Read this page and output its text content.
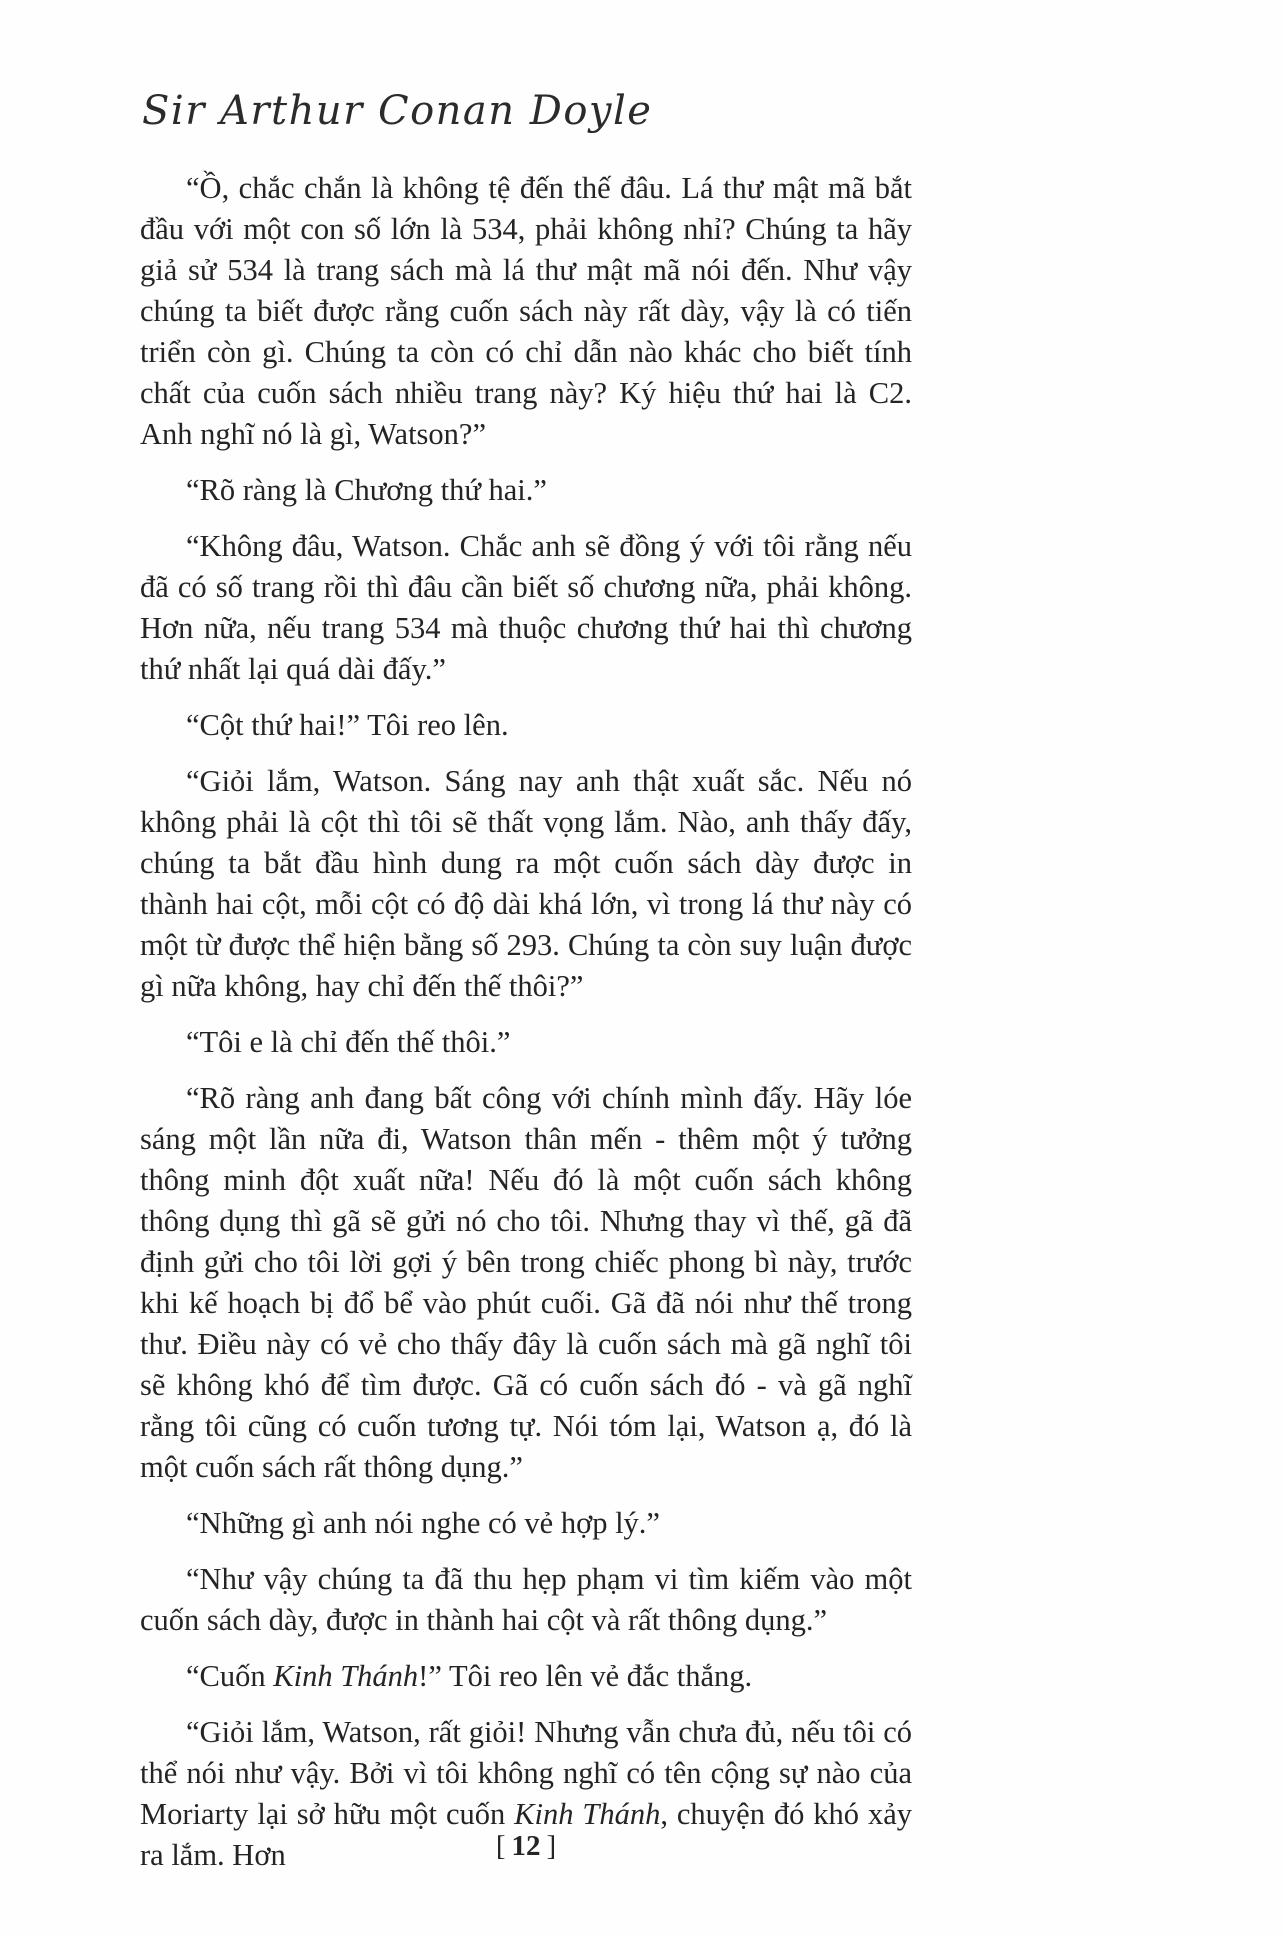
Sir Arthur Conan Doyle

“Ồ, chắc chắn là không tệ đến thế đâu. Lá thư mật mã bắt đầu với một con số lớn là 534, phải không nhỉ? Chúng ta hãy giả sử 534 là trang sách mà lá thư mật mã nói đến. Như vậy chúng ta biết được rằng cuốn sách này rất dày, vậy là có tiến triển còn gì. Chúng ta còn có chỉ dẫn nào khác cho biết tính chất của cuốn sách nhiều trang này? Ký hiệu thứ hai là C2. Anh nghĩ nó là gì, Watson?”

“Rõ ràng là Chương thứ hai.”

“Không đâu, Watson. Chắc anh sẽ đồng ý với tôi rằng nếu đã có số trang rồi thì đâu cần biết số chương nữa, phải không. Hơn nữa, nếu trang 534 mà thuộc chương thứ hai thì chương thứ nhất lại quá dài đấy.”

“Cột thứ hai!” Tôi reo lên.

“Giỏi lắm, Watson. Sáng nay anh thật xuất sắc. Nếu nó không phải là cột thì tôi sẽ thất vọng lắm. Nào, anh thấy đấy, chúng ta bắt đầu hình dung ra một cuốn sách dày được in thành hai cột, mỗi cột có độ dài khá lớn, vì trong lá thư này có một từ được thể hiện bằng số 293. Chúng ta còn suy luận được gì nữa không, hay chỉ đến thế thôi?”

“Tôi e là chỉ đến thế thôi.”

“Rõ ràng anh đang bất công với chính mình đấy. Hãy lóe sáng một lần nữa đi, Watson thân mến - thêm một ý tưởng thông minh đột xuất nữa! Nếu đó là một cuốn sách không thông dụng thì gã sẽ gửi nó cho tôi. Nhưng thay vì thế, gã đã định gửi cho tôi lời gợi ý bên trong chiếc phong bì này, trước khi kế hoạch bị đổ bể vào phút cuối. Gã đã nói như thế trong thư. Điều này có vẻ cho thấy đây là cuốn sách mà gã nghĩ tôi sẽ không khó để tìm được. Gã có cuốn sách đó - và gã nghĩ rằng tôi cũng có cuốn tương tự. Nói tóm lại, Watson ạ, đó là một cuốn sách rất thông dụng.”

“Những gì anh nói nghe có vẻ hợp lý.”

“Như vậy chúng ta đã thu hẹp phạm vi tìm kiếm vào một cuốn sách dày, được in thành hai cột và rất thông dụng.”

“Cuốn Kinh Thánh!” Tôi reo lên vẻ đắc thắng.

“Giỏi lắm, Watson, rất giỏi! Nhưng vẫn chưa đủ, nếu tôi có thể nói như vậy. Bởi vì tôi không nghĩ có tên cộng sự nào của Moriarty lại sở hữu một cuốn Kinh Thánh, chuyện đó khó xảy ra lắm. Hơn	[ 12 ]
